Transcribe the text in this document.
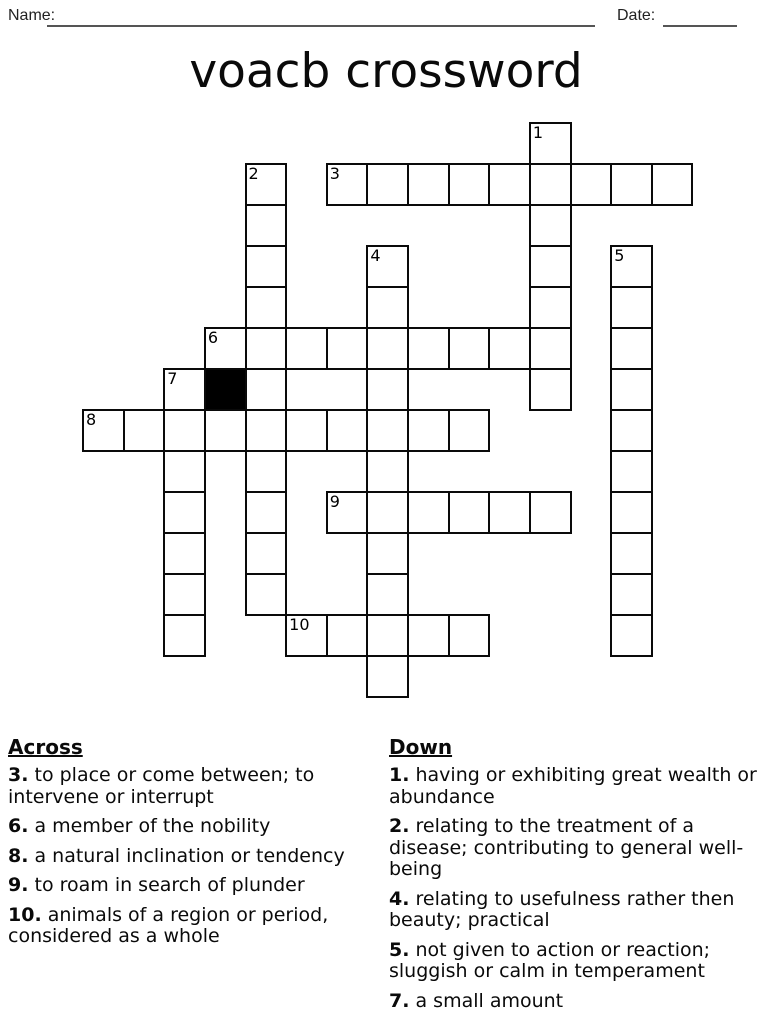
Name:	Date:
voacb crossword
1
2	3
4	5
6
7
8
9
10
Across

3. to place or come between; to intervene or interrupt

6. a member of the nobility

8. a natural inclination or tendency

9. to roam in search of plunder

10. animals of a region or period, considered as a whole

Down

1. having or exhibiting great wealth or abundance

2. relating to the treatment of a disease; contributing to general well-being

4. relating to usefulness rather then beauty; practical

5. not given to action or reaction; sluggish or calm in temperament

7. a small amount
